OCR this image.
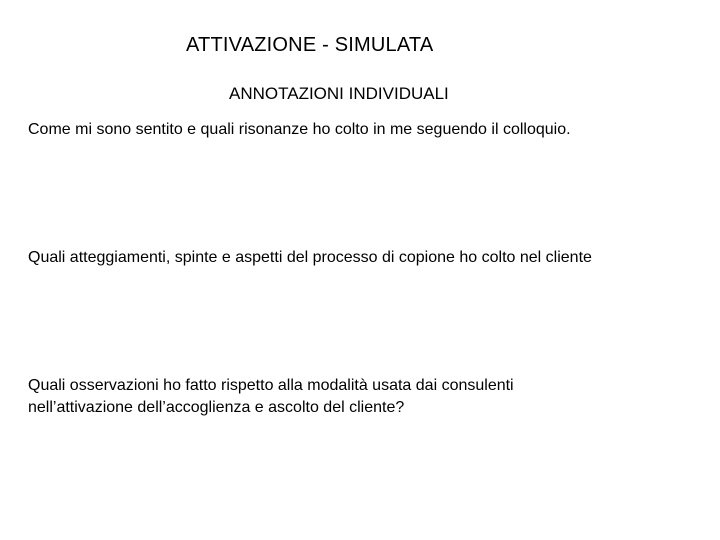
ATTIVAZIONE - SIMULATA
ANNOTAZIONI INDIVIDUALI
Come mi sono sentito e quali risonanze ho colto in me seguendo il colloquio.
Quali atteggiamenti, spinte e aspetti del processo di copione ho colto nel cliente
Quali osservazioni ho fatto rispetto alla modalità usata dai consulenti
nell’attivazione dell’accoglienza e ascolto del cliente?
